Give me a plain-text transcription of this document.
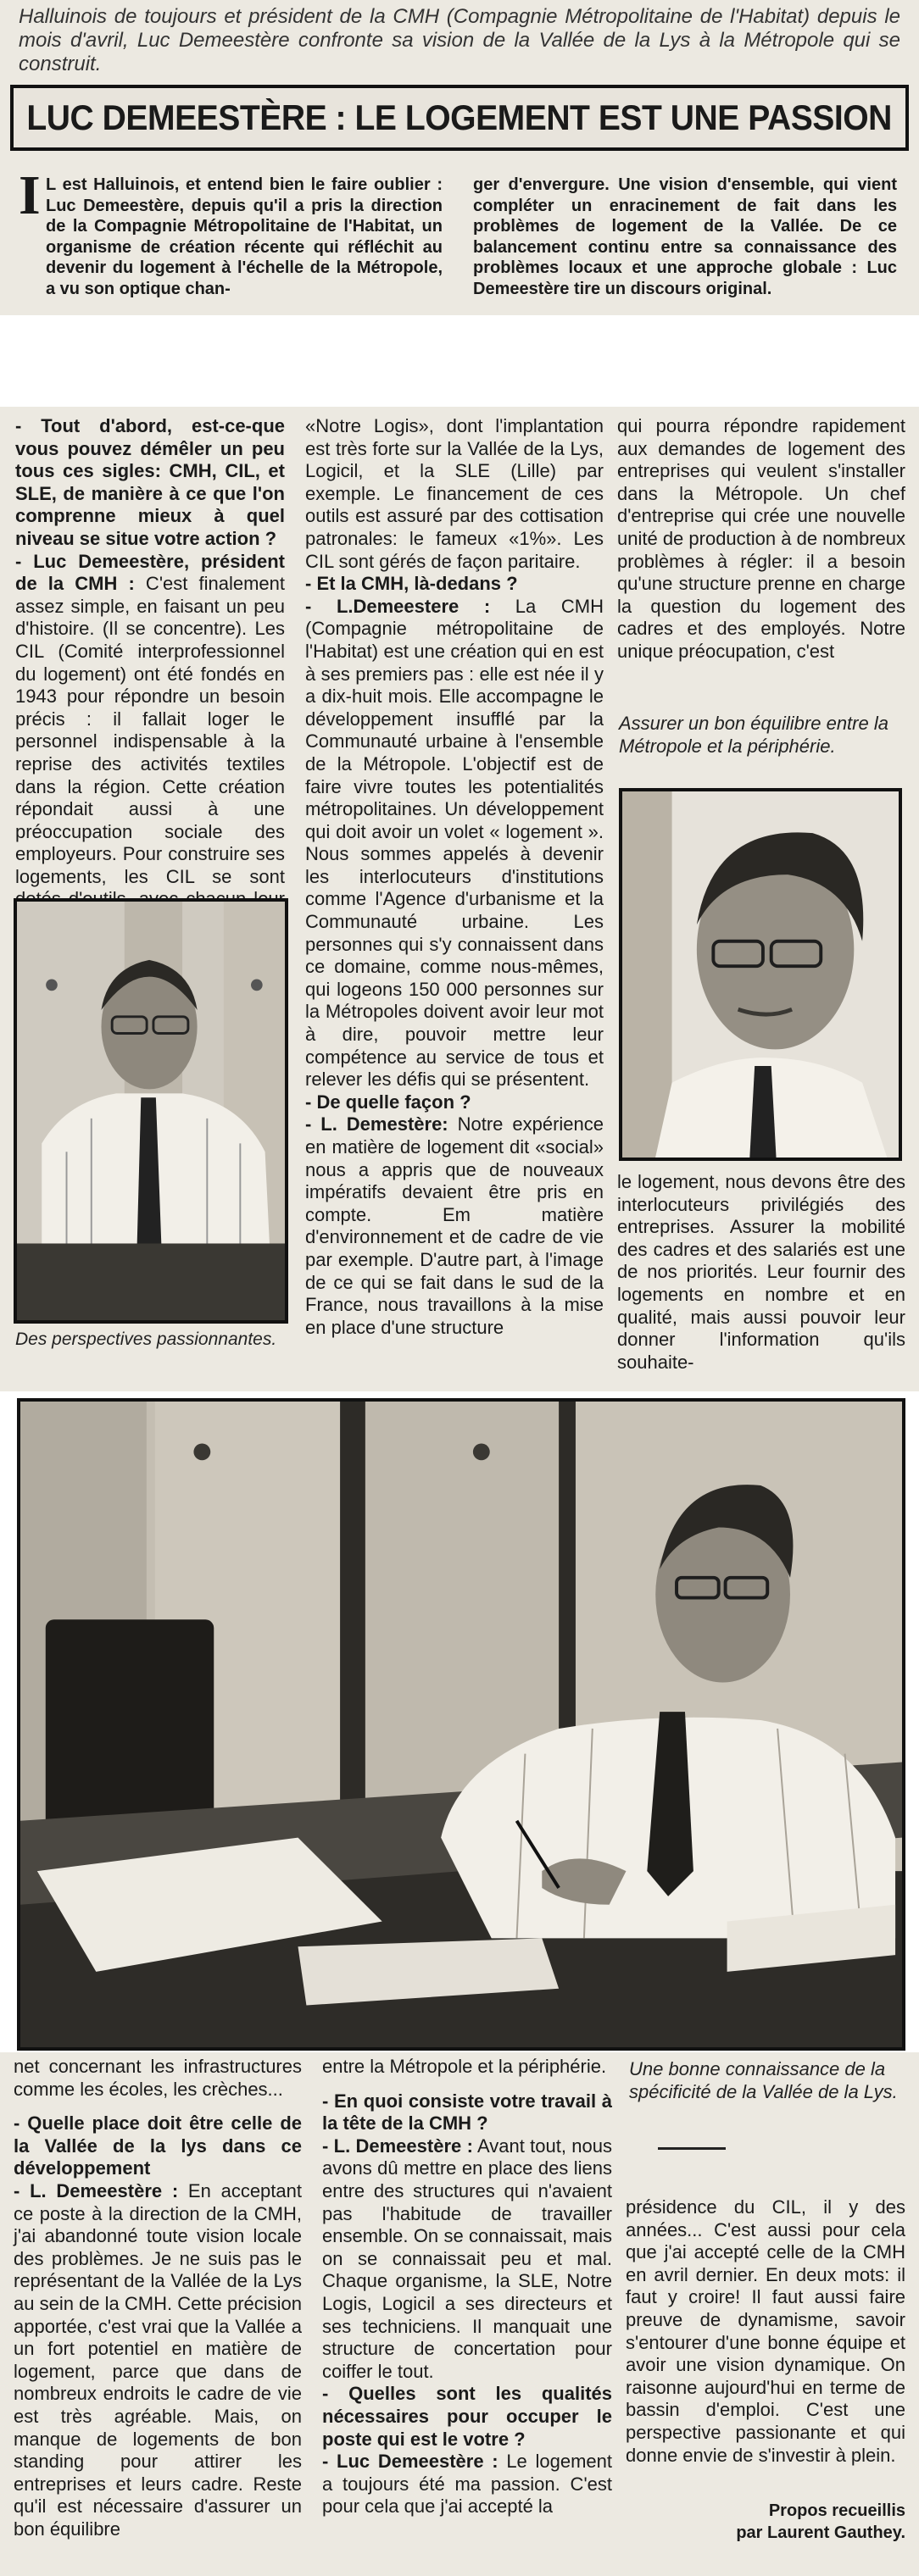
Halluinois de toujours et président de la CMH (Compagnie Métropolitaine de l'Habitat) depuis le mois d'avril, Luc Demeestère confronte sa vision de la Vallée de la Lys à la Métropole qui se construit.
LUC DEMEESTÈRE : LE LOGEMENT EST UNE PASSION
I L est Halluinois, et entend bien le faire oublier : Luc Demeestère, depuis qu'il a pris la direction de la Compagnie Métropolitaine de l'Habitat, un organisme de création récente qui réfléchit au devenir du logement à l'échelle de la Métropole, a vu son optique chan-
ger d'envergure. Une vision d'ensemble, qui vient compléter un enracinement de fait dans les problèmes de logement de la Vallée. De ce balancement continu entre sa connaissance des problèmes locaux et une approche globale : Luc Demeestère tire un discours original.

- Tout d'abord, est-ce-que vous pouvez démêler un peu tous ces sigles: CMH, CIL, et SLE, de manière à ce que l'on comprenne mieux à quel niveau se situe votre action ?

- Luc Demeestère, président de la CMH : C'est finalement assez simple, en faisant un peu d'histoire. (Il se concentre). Les CIL (Comité interprofessionnel du logement) ont été fondés en 1943 pour répondre un besoin précis : il fallait loger le personnel indispensable à la reprise des activités textiles dans la région. Cette création répondait aussi à une préoccupation sociale des employeurs. Pour construire ses logements, les CIL se sont

Des perspectives passionnantes.

«Notre Logis», dont l'implantation est très forte sur la Vallée de la Lys, Logicil, et la SLE (Lille) par exemple. Le financement de ces outils est assuré par des cottisation patronales: le fameux «1%». Les CIL sont gérés de façon paritaire.

- Et la CMH, là-dedans ?

- L.Demeestere : La CMH (Compagnie métropolitaine de l'Habitat) est une création qui en est à ses premiers pas : elle est née il y a dix-huit mois. Elle accompagne le développement insufflé par la Communauté urbaine à l'ensemble de la Métropole. L'objectif est de faire vivre toutes les potentialités métropolitaines. Un développement qui doit avoir un volet « logement ». Nous sommes appelés à devenir les interlocuteurs d'institutions comme l'Agence d'urbanisme et la Communauté urbaine. Les personnes qui s'y connaissent dans ce domaine, comme nous-mêmes, qui logeons 150 000 personnes sur la Métropoles doivent avoir leur mot à dire, pouvoir mettre leur compétence au service de tous et relever les défis qui se présentent.

- De quelle façon ?

- L. Demestère: Notre expérience en matière de logement dit «social» nous a appris que de nouveaux impératifs devaient être pris en compte. Em matière d'environnement et de cadre de vie par exemple. D'autre part, à l'image de ce qui se fait dans le sud de la France, nous travaillons à la mise en place d'une structure

qui pourra répondre rapidement aux demandes de logement des entreprises qui veulent s'installer dans la Métropole. Un chef d'entreprise qui crée une nouvelle unité de production à de nombreux problèmes à régler: il a besoin qu'une structure prenne en charge la question du logement des cadres et des employés. Notre unique préocupation, c'est

Assurer un bon équilibre entre la Métropole et la périphérie.

le logement, nous devons être des interlocuteurs privilégiés des entreprises. Assurer la mobilité des cadres et des salariés est une de nos priorités. Leur fournir des logements en nombre et en qualité, mais aussi pouvoir leur donner l'information qu'ils souhaite-

net concernant les infrastructures comme les écoles, les crèches...

- Quelle place doit être celle de la Vallée de la lys dans ce développement

- L. Demeestère : En acceptant ce poste à la direction de la CMH, j'ai abandonné toute vision locale des problèmes. Je ne suis pas le représentant de la Vallée de la Lys au sein de la CMH. Cette précision apportée, c'est vrai que la Vallée a un fort potentiel en matière de logement, parce que dans de nombreux endroits le cadre de vie est très agréable. Mais, on manque de logements de bon standing pour attirer les entreprises et leurs cadre. Reste qu'il est nécessaire d'assurer un bon équilibre

entre la Métropole et la périphérie.

- En quoi consiste votre travail à la tête de la CMH ?

- L. Demeestère : Avant tout, nous avons dû mettre en place des liens entre des structures qui n'avaient pas l'habitude de travailler ensemble. On se connaissait, mais on se connaissait peu et mal. Chaque organisme, la SLE, Notre Logis, Logicil a ses directeurs et ses techniciens. Il manquait une structure de concertation pour coiffer le tout.

- Quelles sont les qualités nécessaires pour occuper le poste qui est le votre ?

- Luc Demeestère : Le logement a toujours été ma passion. C'est pour cela que j'ai accepté la

Une bonne connaissance de la spécificité de la Vallée de la Lys.

présidence du CIL, il y des années... C'est aussi pour cela que j'ai accepté celle de la CMH en avril dernier. En deux mots: il faut y croire! Il faut aussi faire preuve de dynamisme, savoir s'entourer d'une bonne équipe et avoir une vision dynamique. On raisonne aujourd'hui en terme de bassin d'emploi. C'est une perspective passionante et qui donne envie de s'investir à plein.

Propos recueillis
par Laurent Gauthey.
